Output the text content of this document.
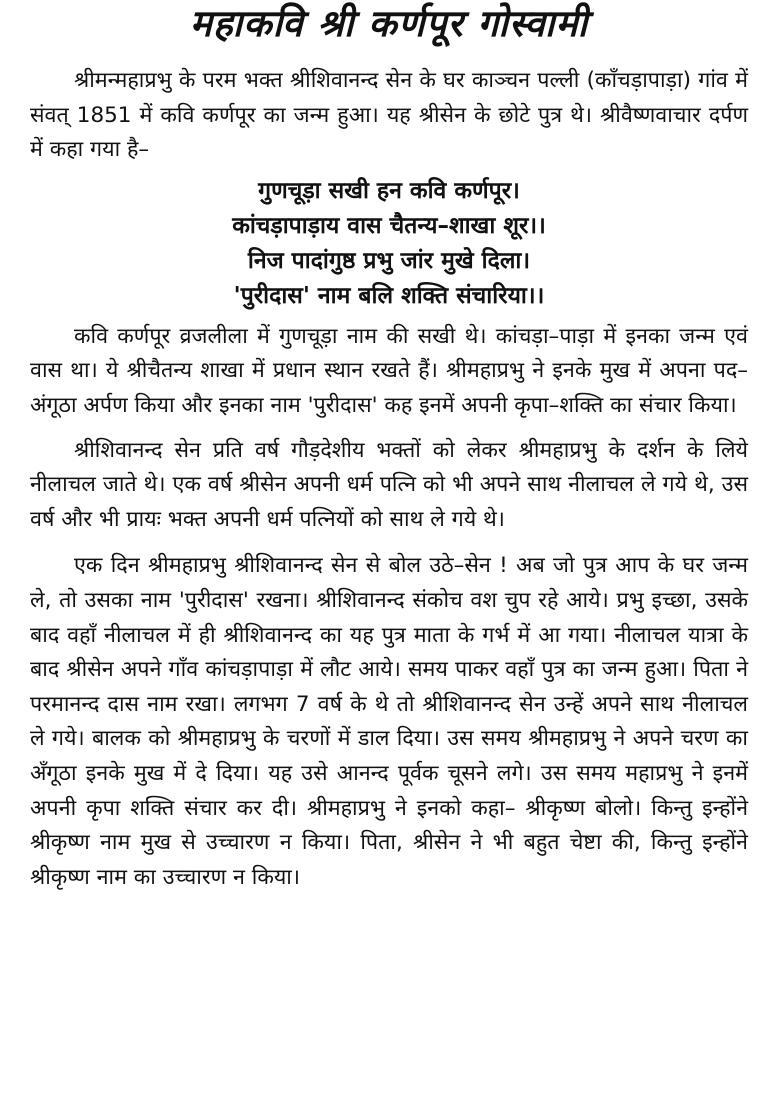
महाकवि श्री कर्णपूर गोस्वामी

श्रीमन्महाप्रभु के परम भक्त श्रीशिवानन्द सेन के घर काञ्चन पल्ली (काँचड़ापाड़ा) गांव में संवत् 1851 में कवि कर्णपूर का जन्म हुआ। यह श्रीसेन के छोटे पुत्र थे। श्रीवैष्णवाचार दर्पण में कहा गया है–

गुणचूड़ा सखी हन कवि कर्णपूर।
कांचड़ापाड़ाय वास चैतन्य–शाखा शूर।।
निज पादांगुष्ठ प्रभु जांर मुखे दिला।
'पुरीदास' नाम बलि शक्ति संचारिया।।

कवि कर्णपूर व्रजलीला में गुणचूड़ा नाम की सखी थे। कांचड़ा–पाड़ा में इनका जन्म एवं वास था। ये श्रीचैतन्य शाखा में प्रधान स्थान रखते हैं। श्रीमहाप्रभु ने इनके मुख में अपना पद–अंगूठा अर्पण किया और इनका नाम 'पुरीदास' कह इनमें अपनी कृपा–शक्ति का संचार किया।

श्रीशिवानन्द सेन प्रति वर्ष गौड़देशीय भक्तों को लेकर श्रीमहाप्रभु के दर्शन के लिये नीलाचल जाते थे। एक वर्ष श्रीसेन अपनी धर्म पत्नि को भी अपने साथ नीलाचल ले गये थे, उस वर्ष और भी प्रायः भक्त अपनी धर्म पत्नियों को साथ ले गये थे।

एक दिन श्रीमहाप्रभु श्रीशिवानन्द सेन से बोल उठे–सेन ! अब जो पुत्र आप के घर जन्म ले, तो उसका नाम 'पुरीदास' रखना। श्रीशिवानन्द संकोच वश चुप रहे आये। प्रभु इच्छा, उसके बाद वहाँ नीलाचल में ही श्रीशिवानन्द का यह पुत्र माता के गर्भ में आ गया। नीलाचल यात्रा के बाद श्रीसेन अपने गाँव कांचड़ापाड़ा में लौट आये। समय पाकर वहाँ पुत्र का जन्म हुआ। पिता ने परमानन्द दास नाम रखा। लगभग 7 वर्ष के थे तो श्रीशिवानन्द सेन उन्हें अपने साथ नीलाचल ले गये। बालक को श्रीमहाप्रभु के चरणों में डाल दिया। उस समय श्रीमहाप्रभु ने अपने चरण का अँगूठा इनके मुख में दे दिया। यह उसे आनन्द पूर्वक चूसने लगे। उस समय महाप्रभु ने इनमें अपनी कृपा शक्ति संचार कर दी। श्रीमहाप्रभु ने इनको कहा– श्रीकृष्ण बोलो। किन्तु इन्होंने श्रीकृष्ण नाम मुख से उच्चारण न किया। पिता, श्रीसेन ने भी बहुत चेष्टा की, किन्तु इन्होंने श्रीकृष्ण नाम का उच्चारण न किया।
